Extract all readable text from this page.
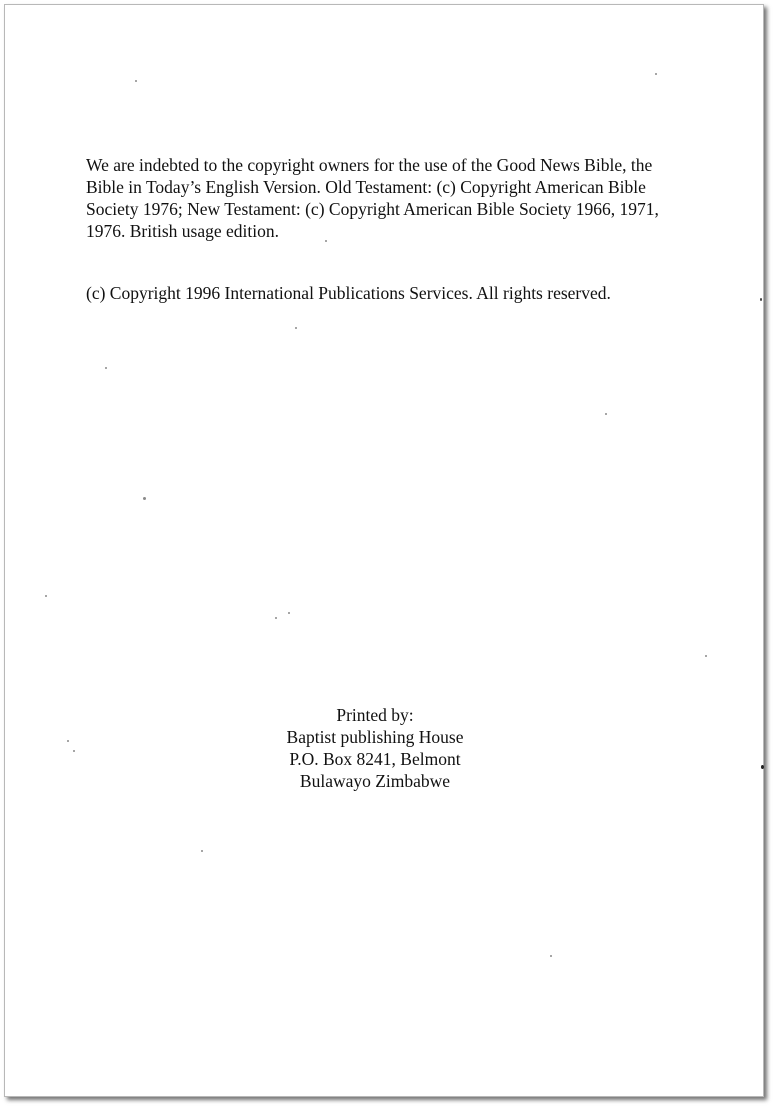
We are indebted to the copyright owners for the use of the Good News Bible, the
Bible in Today’s English Version. Old Testament: (c) Copyright American Bible
Society 1976; New Testament: (c) Copyright American Bible Society 1966, 1971,
1976. British usage edition.
(c) Copyright 1996 International Publications Services. All rights reserved.
Printed by:
Baptist publishing House
P.O. Box 8241, Belmont
Bulawayo Zimbabwe
